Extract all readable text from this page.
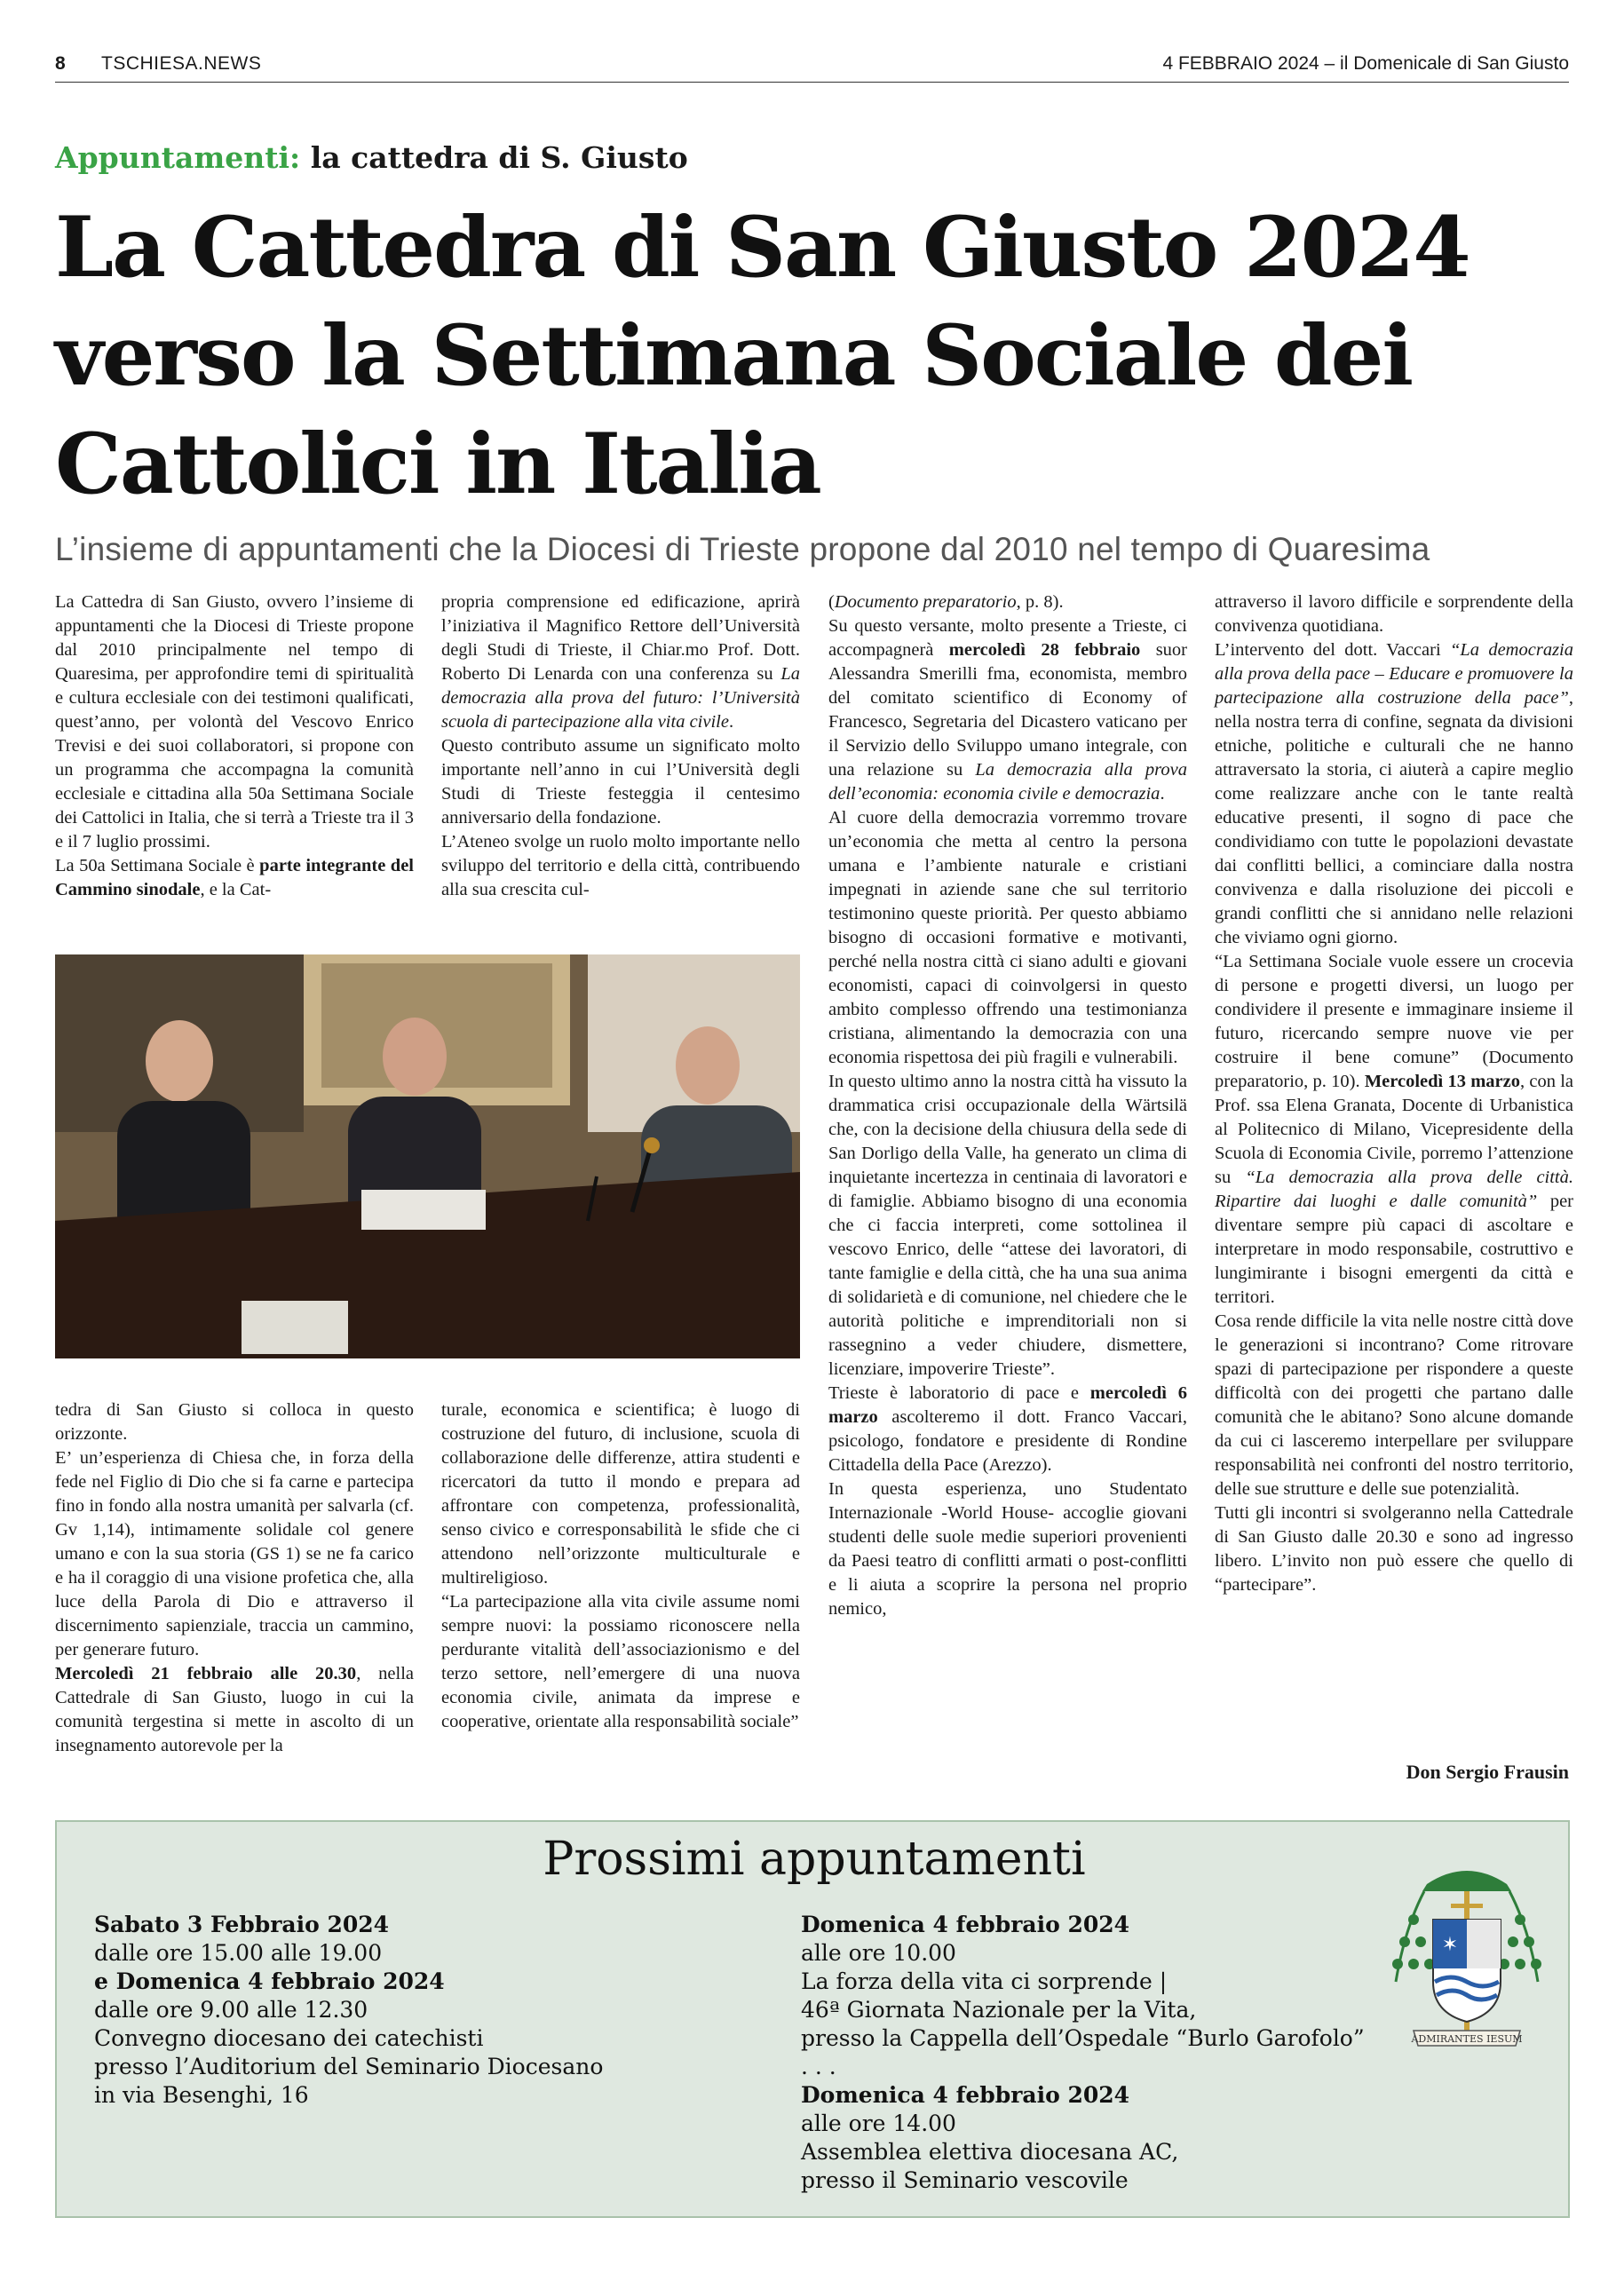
8 TSCHIESA.NEWS	4 FEBBRAIO 2024 – il Domenicale di San Giusto
Appuntamenti: la cattedra di S. Giusto
La Cattedra di San Giusto 2024 verso la Settimana Sociale dei Cattolici in Italia
L’insieme di appuntamenti che la Diocesi di Trieste propone dal 2010 nel tempo di Quaresima

La Cattedra di San Giusto, ovvero l’insieme di appuntamenti che la Diocesi di Trieste propone dal 2010 principalmente nel tempo di Quaresima, per approfondire temi di spiritualità e cultura ecclesiale con dei testimoni qualificati, quest’anno, per volontà del Vescovo Enrico Trevisi e dei suoi collaboratori, si propone con un programma che accompagna la comunità ecclesiale e cittadina alla 50a Settimana Sociale dei Cattolici in Italia, che si terrà a Trieste tra il 3 e il 7 luglio prossimi.

La 50a Settimana Sociale è parte integrante del Cammino sinodale, e la Cat-

propria comprensione ed edificazione, aprirà l’iniziativa il Magnifico Rettore dell’Università degli Studi di Trieste, il Chiar.mo Prof. Dott. Roberto Di Lenarda con una conferenza su La democrazia alla prova del futuro: l’Università scuola di partecipazione alla vita civile.

Questo contributo assume un significato molto importante nell’anno in cui l’Università degli Studi di Trieste festeggia il centesimo anniversario della fondazione.

L’Ateneo svolge un ruolo molto importante nello sviluppo del territorio e della città, contribuendo alla sua crescita cul-

tedra di San Giusto si colloca in questo orizzonte.

E’ un’esperienza di Chiesa che, in forza della fede nel Figlio di Dio che si fa carne e partecipa fino in fondo alla nostra umanità per salvarla (cf. Gv 1,14), intimamente solidale col genere umano e con la sua storia (GS 1) se ne fa carico e ha il coraggio di una visione profetica che, alla luce della Parola di Dio e attraverso il discernimento sapienziale, traccia un cammino, per generare futuro.

Mercoledì 21 febbraio alle 20.30, nella Cattedrale di San Giusto, luogo in cui la comunità tergestina si mette in ascolto di un insegnamento autorevole per la

turale, economica e scientifica; è luogo di costruzione del futuro, di inclusione, scuola di collaborazione delle differenze, attira studenti e ricercatori da tutto il mondo e prepara ad affrontare con competenza, professionalità, senso civico e corresponsabilità le sfide che ci attendono nell’orizzonte multiculturale e multireligioso.

“La partecipazione alla vita civile assume nomi sempre nuovi: la possiamo riconoscere nella perdurante vitalità dell’associazionismo e del terzo settore, nell’emergere di una nuova economia civile, animata da imprese e cooperative, orientate alla responsabilità sociale”

(Documento preparatorio, p. 8).

Su questo versante, molto presente a Trieste, ci accompagnerà mercoledì 28 febbraio suor Alessandra Smerilli fma, economista, membro del comitato scientifico di Economy of Francesco, Segretaria del Dicastero vaticano per il Servizio dello Sviluppo umano integrale, con una relazione su La democrazia alla prova dell’economia: economia civile e democrazia.

Al cuore della democrazia vorremmo trovare un’economia che metta al centro la persona umana e l’ambiente naturale e cristiani impegnati in aziende sane che sul territorio testimonino queste priorità. Per questo abbiamo bisogno di occasioni formative e motivanti, perché nella nostra città ci siano adulti e giovani economisti, capaci di coinvolgersi in questo ambito complesso offrendo una testimonianza cristiana, alimentando la democrazia con una economia rispettosa dei più fragili e vulnerabili.

In questo ultimo anno la nostra città ha vissuto la drammatica crisi occupazionale della Wärtsilä che, con la decisione della chiusura della sede di San Dorligo della Valle, ha generato un clima di inquietante incertezza in centinaia di lavoratori e di famiglie. Abbiamo bisogno di una economia che ci faccia interpreti, come sottolinea il vescovo Enrico, delle “attese dei lavoratori, di tante famiglie e della città, che ha una sua anima di solidarietà e di comunione, nel chiedere che le autorità politiche e imprenditoriali non si rassegnino a veder chiudere, dismettere, licenziare, impoverire Trieste”.

Trieste è laboratorio di pace e mercoledì 6 marzo ascolteremo il dott. Franco Vaccari, psicologo, fondatore e presidente di Rondine Cittadella della Pace (Arezzo).

In questa esperienza, uno Studentato Internazionale -World House- accoglie giovani studenti delle suole medie superiori provenienti da Paesi teatro di conflitti armati o post-conflitti e li aiuta a scoprire la persona nel proprio nemico,

attraverso il lavoro difficile e sorprendente della convivenza quotidiana.

L’intervento del dott. Vaccari “La democrazia alla prova della pace – Educare e promuovere la partecipazione alla costruzione della pace”, nella nostra terra di confine, segnata da divisioni etniche, politiche e culturali che ne hanno attraversato la storia, ci aiuterà a capire meglio come realizzare anche con le tante realtà educative presenti, il sogno di pace che condividiamo con tutte le popolazioni devastate dai conflitti bellici, a cominciare dalla nostra convivenza e dalla risoluzione dei piccoli e grandi conflitti che si annidano nelle relazioni che viviamo ogni giorno.

“La Settimana Sociale vuole essere un crocevia di persone e progetti diversi, un luogo per condividere il presente e immaginare insieme il futuro, ricercando sempre nuove vie per costruire il bene comune” (Documento preparatorio, p. 10). Mercoledì 13 marzo, con la Prof. ssa Elena Granata, Docente di Urbanistica al Politecnico di Milano, Vicepresidente della Scuola di Economia Civile, porremo l’attenzione su “La democrazia alla prova delle città. Ripartire dai luoghi e dalle comunità” per diventare sempre più capaci di ascoltare e interpretare in modo responsabile, costruttivo e lungimirante i bisogni emergenti da città e territori.

Cosa rende difficile la vita nelle nostre città dove le generazioni si incontrano? Come ritrovare spazi di partecipazione per rispondere a queste difficoltà con dei progetti che partano dalle comunità che le abitano? Sono alcune domande da cui ci lasceremo interpellare per sviluppare responsabilità nei confronti del nostro territorio, delle sue strutture e delle sue potenzialità.

Tutti gli incontri si svolgeranno nella Cattedrale di San Giusto dalle 20.30 e sono ad ingresso libero. L’invito non può essere che quello di “partecipare”.

Don Sergio Frausin
Prossimi appuntamenti
Sabato 3 Febbraio 2024
dalle ore 15.00 alle 19.00
e Domenica 4 febbraio 2024
dalle ore 9.00 alle 12.30
Convegno diocesano dei catechisti
presso l’Auditorium del Seminario Diocesano
in via Besenghi, 16
Domenica 4 febbraio 2024
alle ore 10.00
La forza della vita ci sorprende |
46ª Giornata Nazionale per la Vita,
presso la Cappella dell’Ospedale “Burlo Garofolo”
. . .
Domenica 4 febbraio 2024
alle ore 14.00
Assemblea elettiva diocesana AC,
presso il Seminario vescovile
✶
ADMIRANTES IESUM
